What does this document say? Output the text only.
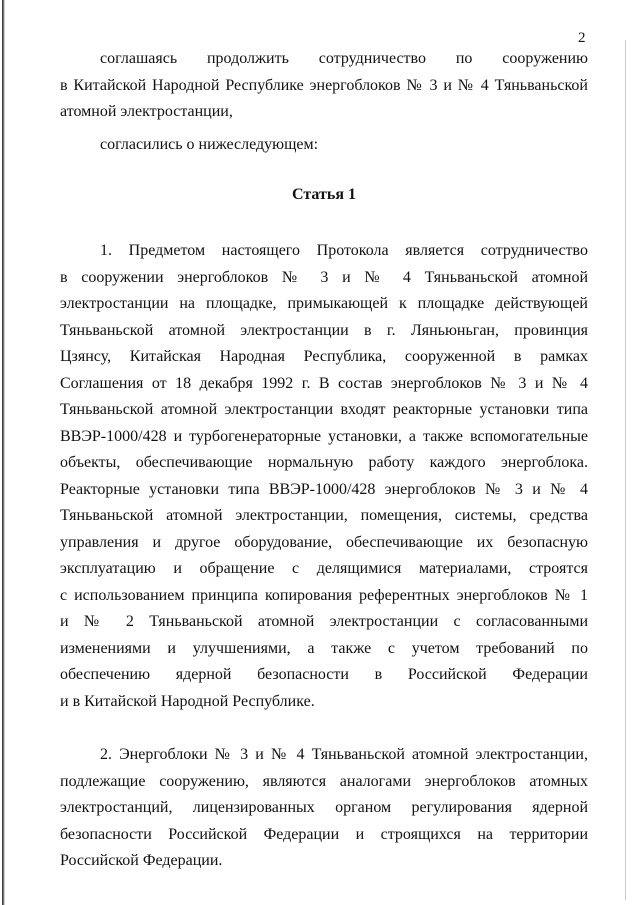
2
соглашаясь продолжить сотрудничество по сооружению
в Китайской Народной Республике энергоблоков № 3 и № 4 Тяньваньской
атомной электростанции,
согласились о нижеследующем:
Статья 1
1. Предметом настоящего Протокола является сотрудничество
в сооружении энергоблоков № 3 и № 4 Тяньваньской атомной
электростанции на площадке, примыкающей к площадке действующей
Тяньваньской атомной электростанции в г. Ляньюньган, провинция
Цзянсу, Китайская Народная Республика, сооруженной в рамках
Соглашения от 18 декабря 1992 г. В состав энергоблоков № 3 и № 4
Тяньваньской атомной электростанции входят реакторные установки типа
ВВЭР-1000/428 и турбогенераторные установки, а также вспомогательные
объекты, обеспечивающие нормальную работу каждого энергоблока.
Реакторные установки типа ВВЭР-1000/428 энергоблоков № 3 и № 4
Тяньваньской атомной электростанции, помещения, системы, средства
управления и другое оборудование, обеспечивающие их безопасную
эксплуатацию и обращение с делящимися материалами, строятся
с использованием принципа копирования референтных энергоблоков № 1
и № 2 Тяньваньской атомной электростанции с согласованными
изменениями и улучшениями, а также с учетом требований по
обеспечению ядерной безопасности в Российской Федерации
и в Китайской Народной Республике.
2. Энергоблоки № 3 и № 4 Тяньваньской атомной электростанции,
подлежащие сооружению, являются аналогами энергоблоков атомных
электростанций, лицензированных органом регулирования ядерной
безопасности Российской Федерации и строящихся на территории
Российской Федерации.
